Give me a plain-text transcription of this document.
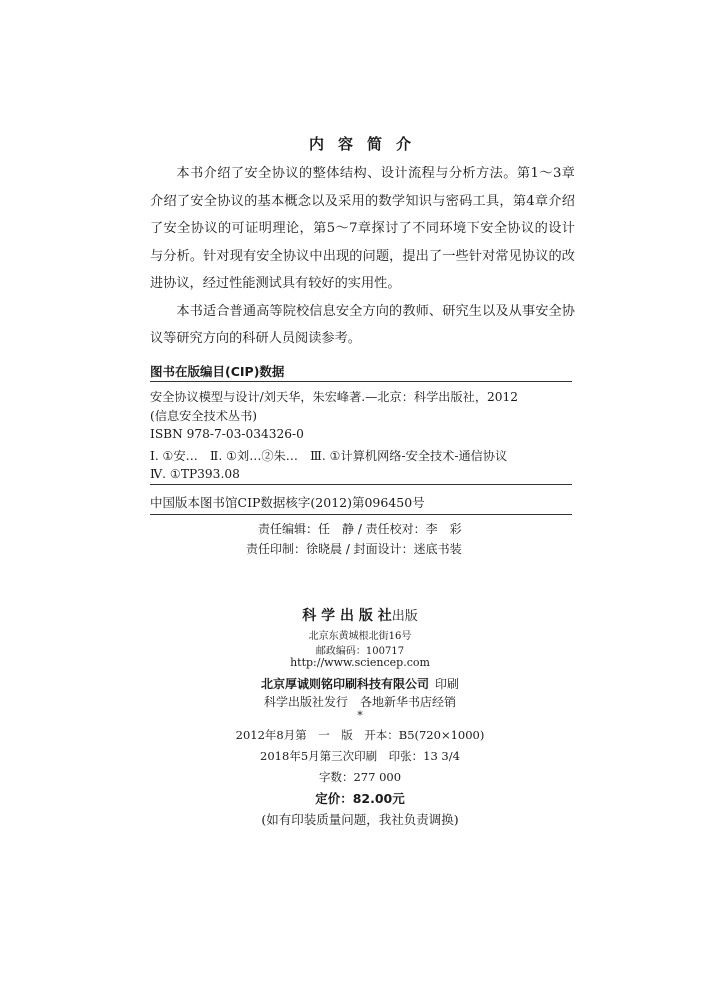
内容简介

本书介绍了安全协议的整体结构、设计流程与分析方法。第1～3章介绍了安全协议的基本概念以及采用的数学知识与密码工具，第4章介绍了安全协议的可证明理论，第5～7章探讨了不同环境下安全协议的设计与分析。针对现有安全协议中出现的问题，提出了一些针对常见协议的改进协议，经过性能测试具有较好的实用性。

本书适合普通高等院校信息安全方向的教师、研究生以及从事安全协议等研究方向的科研人员阅读参考。

图书在版编目(CIP)数据
安全协议模型与设计/刘天华，朱宏峰著.—北京：科学出版社，2012
(信息安全技术丛书)
ISBN 978-7-03-034326-0
Ⅰ. ①安…　Ⅱ. ①刘…②朱…　Ⅲ. ①计算机网络-安全技术-通信协议
Ⅳ. ①TP393.08
中国版本图书馆CIP数据核字(2012)第096450号
责任编辑：任　静 / 责任校对：李　彩
责任印制：徐晓晨 / 封面设计：迷底书装
科 学 出 版 社出版
北京东黄城根北街16号
邮政编码：100717
http://www.sciencep.com
北京厚诚则铭印刷科技有限公司 印刷
科学出版社发行　各地新华书店经销
*
2012年8月第　一　版　开本：B5(720×1000)
2018年5月第三次印刷　印张：13 3/4
字数：277 000
定价：82.00元
(如有印装质量问题，我社负责调换)
